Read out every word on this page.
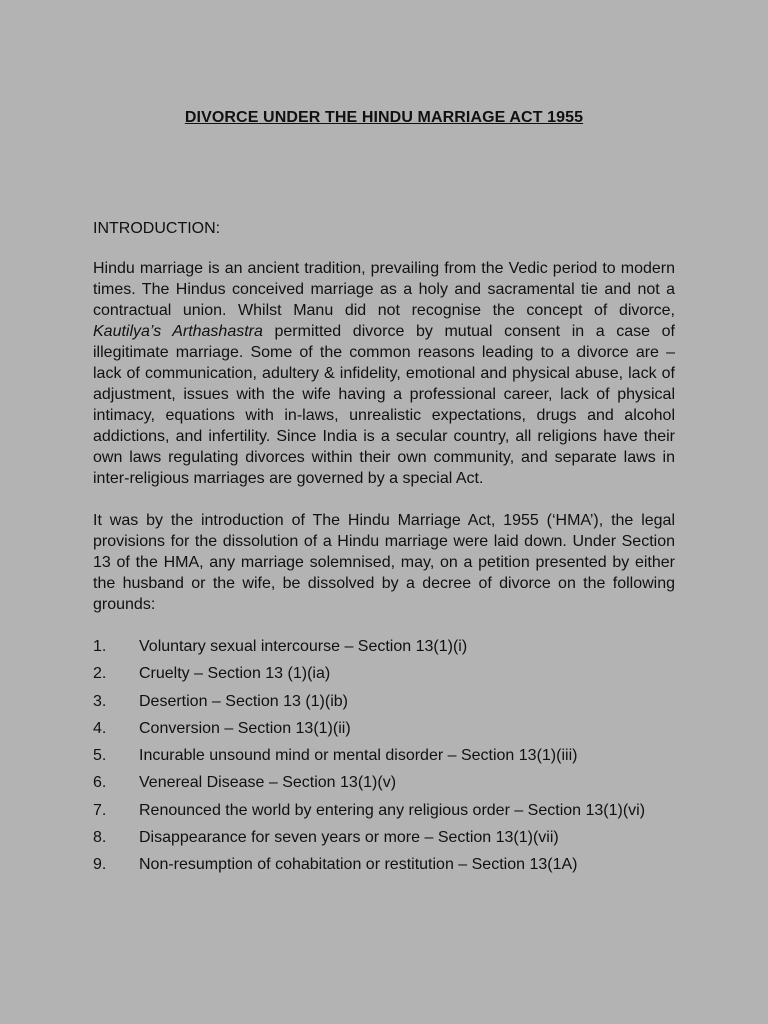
DIVORCE UNDER THE HINDU MARRIAGE ACT 1955

INTRODUCTION:

Hindu marriage is an ancient tradition, prevailing from the Vedic period to modern times. The Hindus conceived marriage as a holy and sacramental tie and not a contractual union. Whilst Manu did not recognise the concept of divorce, Kautilya’s Arthashastra permitted divorce by mutual consent in a case of illegitimate marriage. Some of the common reasons leading to a divorce are – lack of communication, adultery & infidelity, emotional and physical abuse, lack of adjustment, issues with the wife having a professional career, lack of physical intimacy, equations with in-laws, unrealistic expectations, drugs and alcohol addictions, and infertility. Since India is a secular country, all religions have their own laws regulating divorces within their own community, and separate laws in inter-religious marriages are governed by a special Act.

It was by the introduction of The Hindu Marriage Act, 1955 (‘HMA’), the legal provisions for the dissolution of a Hindu marriage were laid down. Under Section 13 of the HMA, any marriage solemnised, may, on a petition presented by either the husband or the wife, be dissolved by a decree of divorce on the following grounds:

1.	Voluntary sexual intercourse – Section 13(1)(i)
2.	Cruelty – Section 13 (1)(ia)
3.	Desertion – Section 13 (1)(ib)
4.	Conversion – Section 13(1)(ii)
5.	Incurable unsound mind or mental disorder – Section 13(1)(iii)
6.	Venereal Disease – Section 13(1)(v)
7.	Renounced the world by entering any religious order – Section 13(1)(vi)
8.	Disappearance for seven years or more – Section 13(1)(vii)
9.	Non-resumption of cohabitation or restitution – Section 13(1A)
